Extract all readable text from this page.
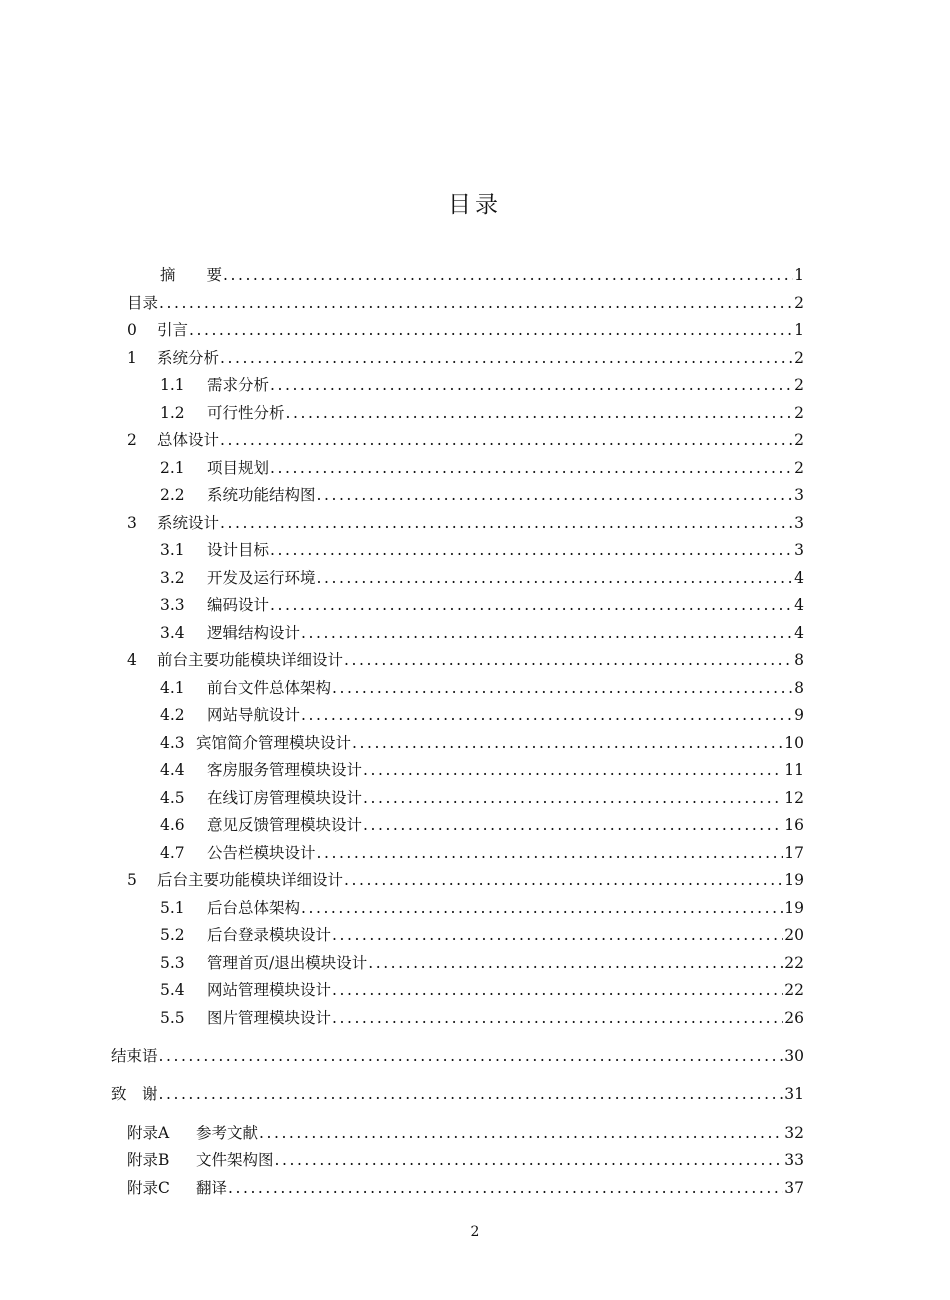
目录
摘　　要 .....	1
目录 .....	2
0	引言 .....	1
1	系统分析 .....	2
1.1	需求分析 .....	2
1.2	可行性分析 .....	2
2	总体设计 .....	2
2.1	项目规划 .....	2
2.2	系统功能结构图 .....	3
3	系统设计 .....	3
3.1	设计目标 .....	3
3.2	开发及运行环境 .....	4
3.3	编码设计 .....	4
3.4	逻辑结构设计 .....	4
4	前台主要功能模块详细设计 .....	8
4.1	前台文件总体架构 .....	8
4.2	网站导航设计 .....	9
4.3 宾馆简介管理模块设计 .....	10
4.4	客房服务管理模块设计 .....	11
4.5	在线订房管理模块设计 .....	12
4.6	意见反馈管理模块设计 .....	16
4.7	公告栏模块设计 .....	17
5	后台主要功能模块详细设计 .....	19
5.1	后台总体架构 .....	19
5.2	后台登录模块设计 .....	20
5.3	管理首页/退出模块设计 .....	22
5.4	网站管理模块设计 .....	22
5.5	图片管理模块设计 .....	26
结束语 .....	30
致　谢 .....	31
附录A	参考文献 .....	32
附录B	文件架构图 .....	33
附录C	翻译 .....	37
2
